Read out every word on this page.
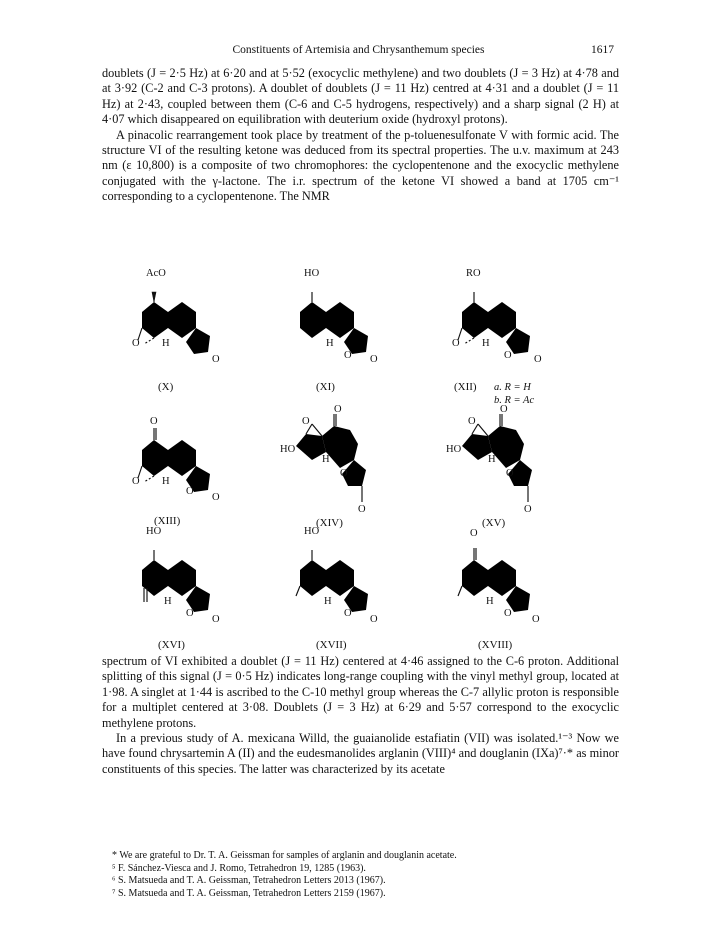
Constituents of Artemisia and Chrysanthemum species	1617

doublets (J = 2·5 Hz) at 6·20 and at 5·52 (exocyclic methylene) and two doublets (J = 3 Hz) at 4·78 and at 3·92 (C-2 and C-3 protons). A doublet of doublets (J = 11 Hz) centred at 4·31 and a doublet (J = 11 Hz) at 2·43, coupled between them (C-6 and C-5 hydrogens, respectively) and a sharp signal (2 H) at 4·07 which disappeared on equilibration with deuterium oxide (hydroxyl protons).

A pinacolic rearrangement took place by treatment of the p-toluenesulfonate V with formic acid. The structure VI of the resulting ketone was deduced from its spectral properties. The u.v. maximum at 243 nm (ε 10,800) is a composite of two chromophores: the cyclopentenone and the exocyclic methylene conjugated with the γ-lactone. The i.r. spectrum of the ketone VI showed a band at 1705 cm⁻¹ corresponding to a cyclopentenone. The NMR

AcO
O H
O
(X)
HO
H
O O
(XI)
RO
O H
O O
(XII) a. R = H
b. R = Ac
O
O H
O
O
(XIII)
O
O
HO
H
O
O
(XIV)
O
O
HO
H
O
O
(XV)
HO
H
O
O
(XVI)
HO
H
O
O
(XVII)
O
H
O
O
(XVIII)

spectrum of VI exhibited a doublet (J = 11 Hz) centered at 4·46 assigned to the C-6 proton. Additional splitting of this signal (J = 0·5 Hz) indicates long-range coupling with the vinyl methyl group, located at 1·98. A singlet at 1·44 is ascribed to the C-10 methyl group whereas the C-7 allylic proton is responsible for a multiplet centered at 3·08. Doublets (J = 3 Hz) at 6·29 and 5·57 correspond to the exocyclic methylene protons.

In a previous study of A. mexicana Willd, the guaianolide estafiatin (VII) was isolated.¹⁻³ Now we have found chrysartemin A (II) and the eudesmanolides arglanin (VIII)⁴ and douglanin (IXa)⁷·* as minor constituents of this species. The latter was characterized by its acetate

* We are grateful to Dr. T. A. Geissman for samples of arglanin and douglanin acetate.
⁵ F. Sánchez-Viesca and J. Romo, Tetrahedron 19, 1285 (1963).
⁶ S. Matsueda and T. A. Geissman, Tetrahedron Letters 2013 (1967).
⁷ S. Matsueda and T. A. Geissman, Tetrahedron Letters 2159 (1967).
